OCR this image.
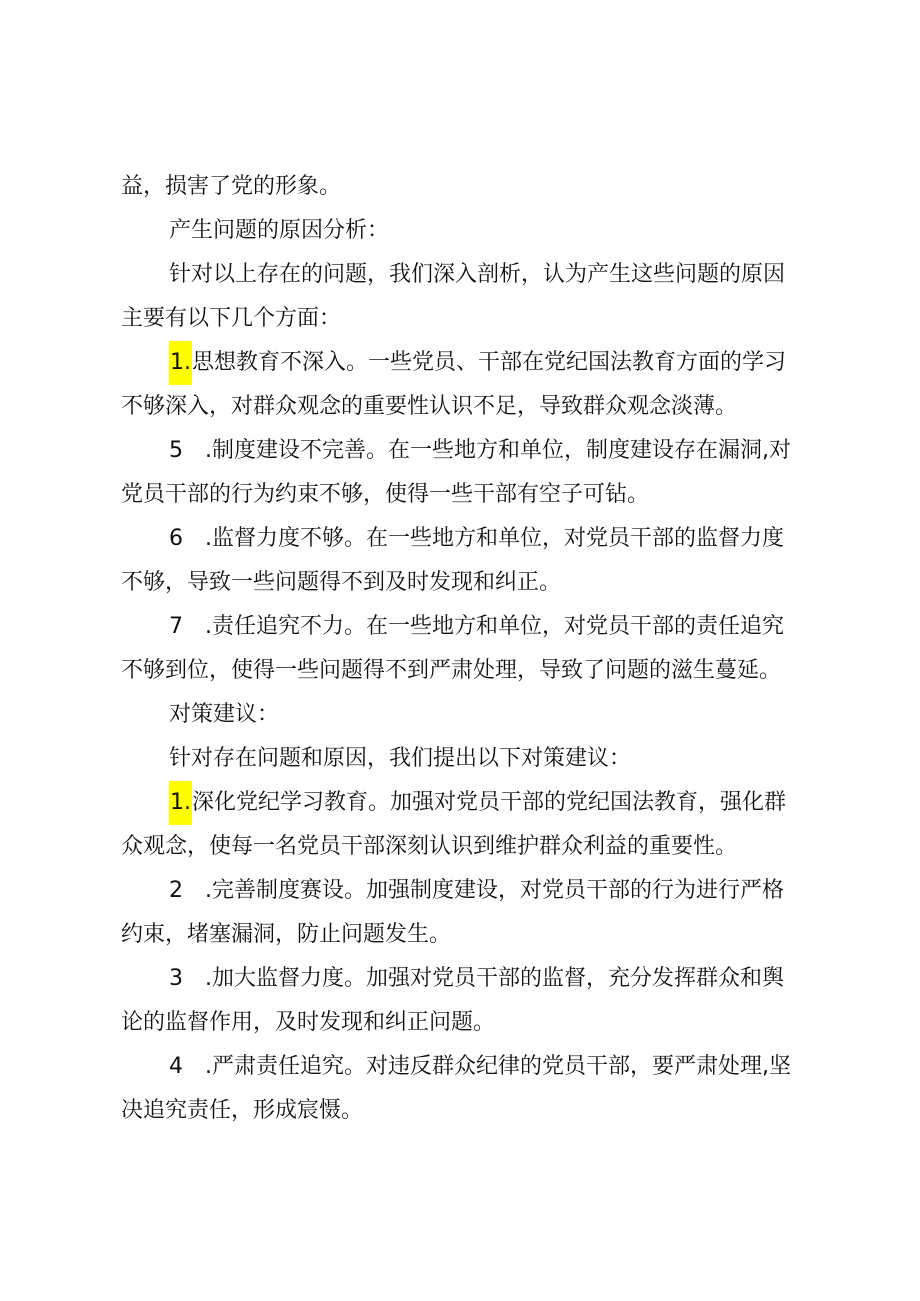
益，损害了党的形象。
产生问题的原因分析：
针对以上存在的问题，我们深入剖析，认为产生这些问题的原因
主要有以下几个方面：
1.思想教育不深入。一些党员、干部在党纪国法教育方面的学习
不够深入，对群众观念的重要性认识不足，导致群众观念淡薄。
5　.制度建设不完善。在一些地方和单位，制度建设存在漏洞,对
党员干部的行为约束不够，使得一些干部有空子可钻。
6　.监督力度不够。在一些地方和单位，对党员干部的监督力度
不够，导致一些问题得不到及时发现和纠正。
7　.责任追究不力。在一些地方和单位，对党员干部的责任追究
不够到位，使得一些问题得不到严肃处理，导致了问题的滋生蔓延。
对策建议：
针对存在问题和原因，我们提出以下对策建议：
1.深化党纪学习教育。加强对党员干部的党纪国法教育，强化群
众观念，使每一名党员干部深刻认识到维护群众利益的重要性。
2　.完善制度赛设。加强制度建设，对党员干部的行为进行严格
约束，堵塞漏洞，防止问题发生。
3　.加大监督力度。加强对党员干部的监督，充分发挥群众和舆
论的监督作用，及时发现和纠正问题。
4　.严肃责任追究。对违反群众纪律的党员干部，要严肃处理,坚
决追究责任，形成宸慑。
